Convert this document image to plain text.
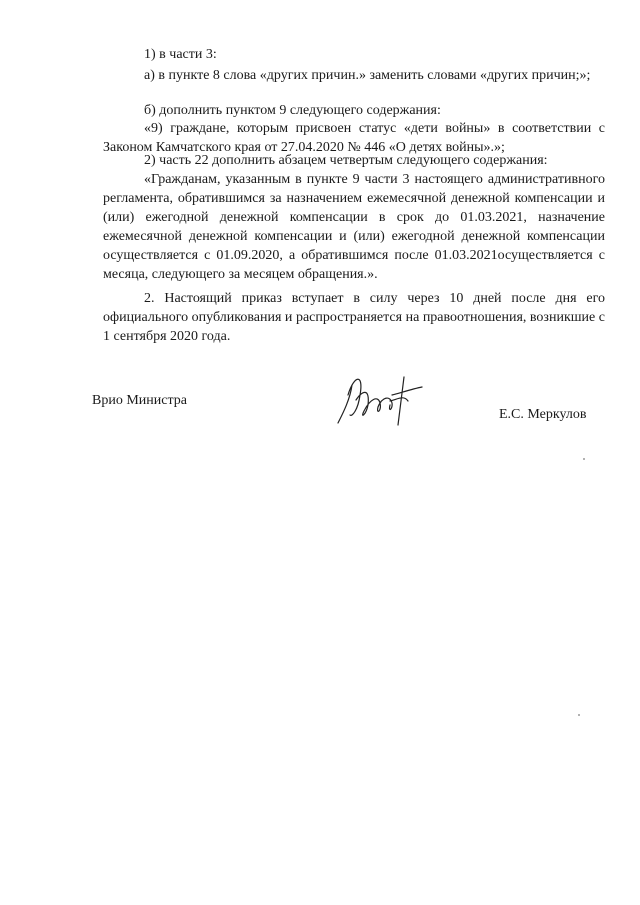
1) в части 3:

а) в пункте 8 слова «других причин.» заменить словами «других причин;»;

б) дополнить пунктом 9 следующего содержания:

«9) граждане, которым присвоен статус «дети войны» в соответствии с Законом Камчатского края от 27.04.2020 № 446 «О детях войны».»;

2) часть 22 дополнить абзацем четвертым следующего содержания:

«Гражданам, указанным в пункте 9 части 3 настоящего административного регламента, обратившимся за назначением ежемесячной денежной компенсации и (или) ежегодной денежной компенсации в срок до 01.03.2021, назначение ежемесячной денежной компенсации и (или) ежегодной денежной компенсации осуществляется с 01.09.2020, а обратившимся после 01.03.2021осуществляется с месяца, следующего за месяцем обращения.».

2. Настоящий приказ вступает в силу через 10 дней после дня его официального опубликования и распространяется на правоотношения, возникшие с 1 сентября 2020 года.

Врио Министра
Е.С. Меркулов
